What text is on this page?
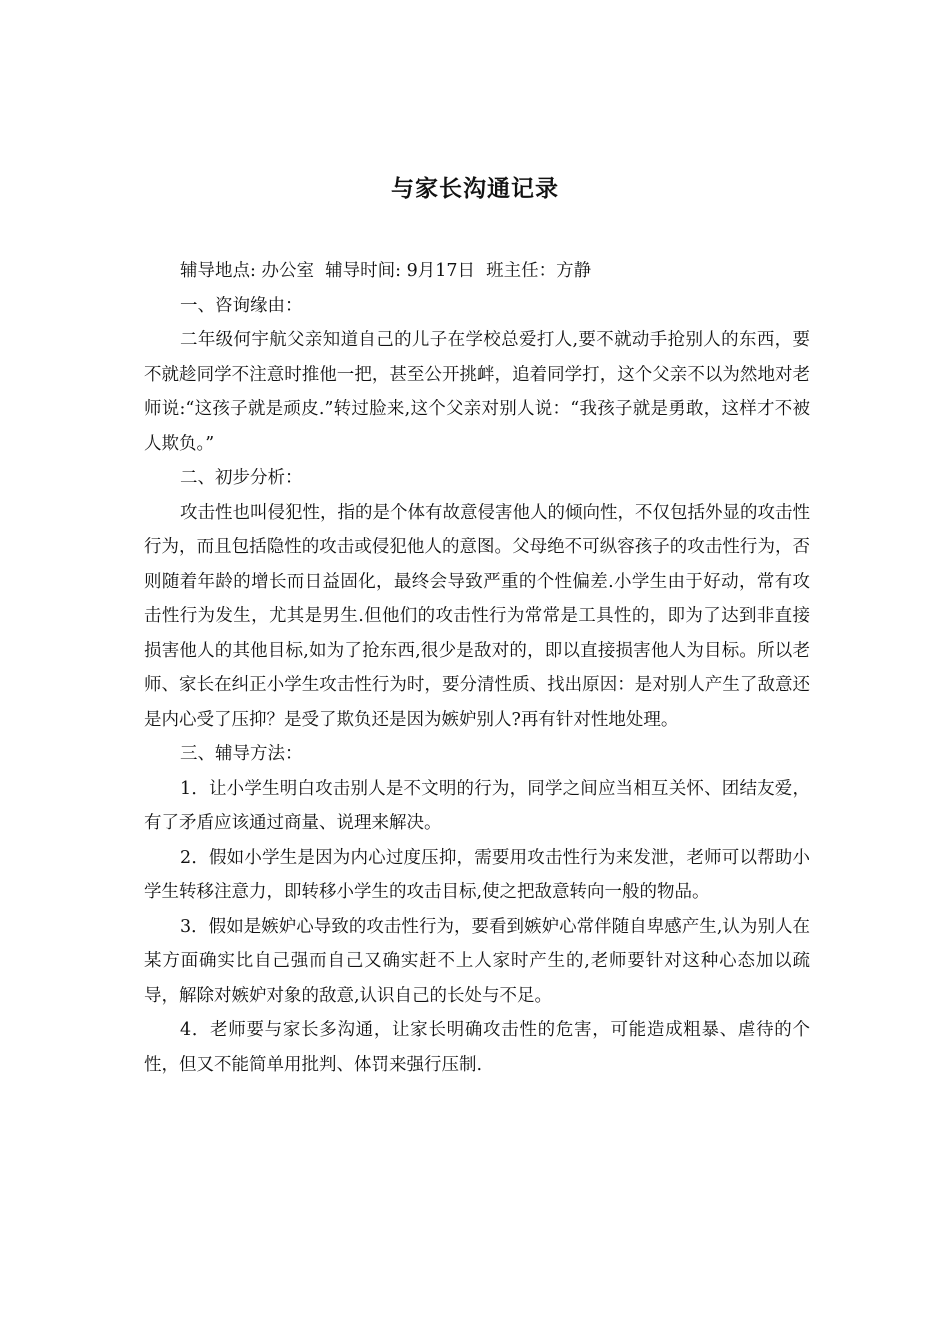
与家长沟通记录

辅导地点: 办公室 辅导时间: 9月17日 班主任：方静

一、咨询缘由：

二年级何宇航父亲知道自己的儿子在学校总爱打人,要不就动手抢别人的东西，要不就趁同学不注意时推他一把，甚至公开挑衅，追着同学打，这个父亲不以为然地对老师说:“这孩子就是顽皮.”转过脸来,这个父亲对别人说：“我孩子就是勇敢，这样才不被人欺负。”

二、初步分析：

攻击性也叫侵犯性，指的是个体有故意侵害他人的倾向性，不仅包括外显的攻击性行为，而且包括隐性的攻击或侵犯他人的意图。父母绝不可纵容孩子的攻击性行为，否则随着年龄的增长而日益固化，最终会导致严重的个性偏差.小学生由于好动，常有攻击性行为发生，尤其是男生.但他们的攻击性行为常常是工具性的，即为了达到非直接损害他人的其他目标,如为了抢东西,很少是敌对的，即以直接损害他人为目标。所以老师、家长在纠正小学生攻击性行为时，要分清性质、找出原因：是对别人产生了敌意还是内心受了压抑？是受了欺负还是因为嫉妒别人?再有针对性地处理。

三、辅导方法：

1．让小学生明白攻击别人是不文明的行为，同学之间应当相互关怀、团结友爱，有了矛盾应该通过商量、说理来解决。

2．假如小学生是因为内心过度压抑，需要用攻击性行为来发泄，老师可以帮助小学生转移注意力，即转移小学生的攻击目标,使之把敌意转向一般的物品。

3．假如是嫉妒心导致的攻击性行为，要看到嫉妒心常伴随自卑感产生,认为别人在某方面确实比自己强而自己又确实赶不上人家时产生的,老师要针对这种心态加以疏导，解除对嫉妒对象的敌意,认识自己的长处与不足。

4．老师要与家长多沟通，让家长明确攻击性的危害，可能造成粗暴、虐待的个性，但又不能简单用批判、体罚来强行压制.
